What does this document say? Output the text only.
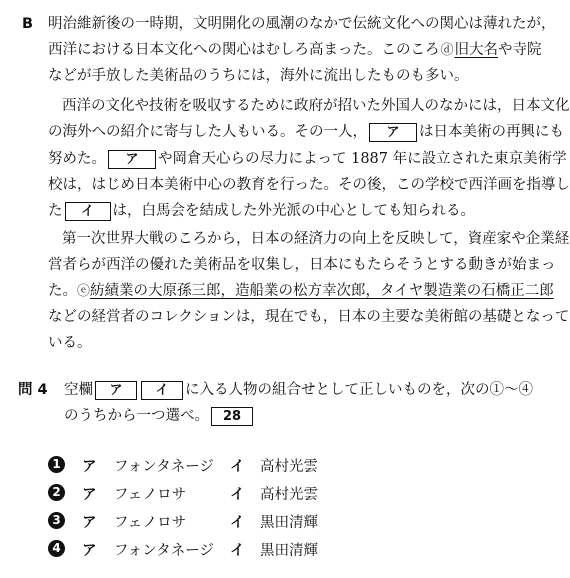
B 明治維新後の一時期，文明開化の風潮のなかで伝統文化への関心は薄れたが，
西洋における日本文化への関心はむしろ高まった。このころⓓ旧大名や寺院
などが手放した美術品のうちには，海外に流出したものも多い。
西洋の文化や技術を吸収するために政府が招いた外国人のなかには，日本文化
の海外への紹介に寄与した人もいる。その一人， ア は日本美術の再興にも
努めた。 ア や岡倉天心らの尽力によって 1887 年に設立された東京美術学
校は，はじめ日本美術中心の教育を行った。その後，この学校で西洋画を指導し
た イ は，白馬会を結成した外光派の中心としても知られる。
第一次世界大戦のころから，日本の経済力の向上を反映して，資産家や企業経
営者らが西洋の優れた美術品を収集し，日本にもたらそうとする動きが始まっ
た。ⓔ紡績業の大原孫三郎，造船業の松方幸次郎，タイヤ製造業の石橋正二郎
などの経営者のコレクションは，現在でも，日本の主要な美術館の基礎となって
いる。
問 4 空欄 ア	イ に入る人物の組合せとして正しいものを，次の①～④
のうちから一つ選べ。 28
1 ア フォンタネージ イ 高村光雲
2 ア フェノロサ	イ 高村光雲
3 ア フェノロサ	イ 黒田清輝
4 ア フォンタネージ イ 黒田清輝
